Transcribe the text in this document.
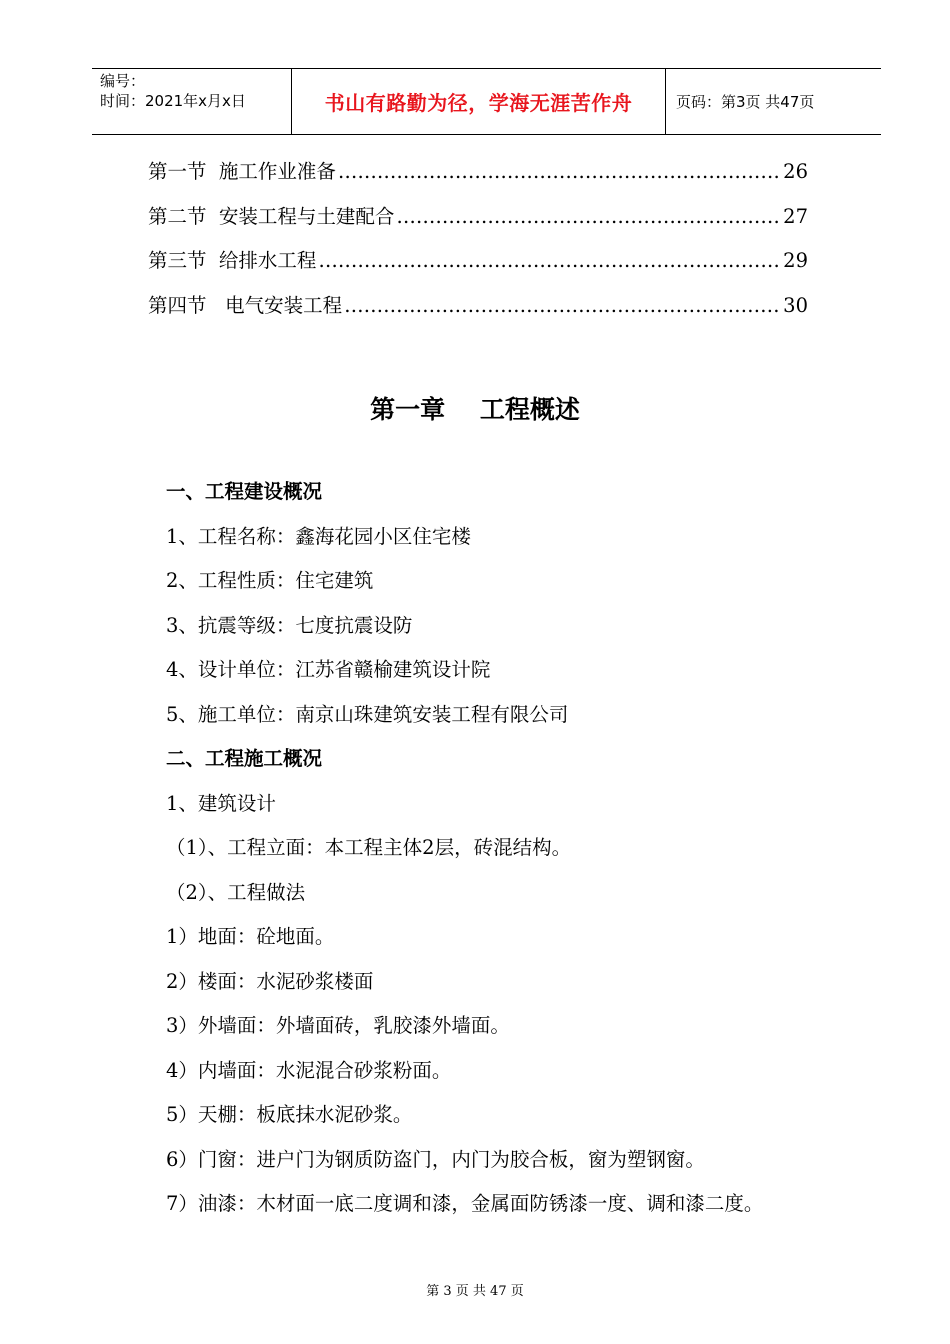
编号：
时间：2021年x月x日	书山有路勤为径，学海无涯苦作舟	页码：第3页 共47页
第一节  施工作业准备 ……………………………………………………………………………………………………………………………………………	26
第二节  安装工程与土建配合 ……………………………………………………………………………………………………………………………………………	27
第三节  给排水工程 ……………………………………………………………………………………………………………………………………………	29
第四节   电气安装工程 ……………………………………………………………………………………………………………………………………………	30
第一章    工程概述
一、工程建设概况
1、工程名称：鑫海花园小区住宅楼
2、工程性质：住宅建筑
3、抗震等级：七度抗震设防
4、设计单位：江苏省赣榆建筑设计院
5、施工单位：南京山珠建筑安装工程有限公司
二、工程施工概况
1、建筑设计
（1）、工程立面：本工程主体2层，砖混结构。
（2）、工程做法
1）地面：砼地面。
2）楼面：水泥砂浆楼面
3）外墙面：外墙面砖，乳胶漆外墙面。
4）内墙面：水泥混合砂浆粉面。
5）天棚：板底抹水泥砂浆。
6）门窗：进户门为钢质防盗门，内门为胶合板，窗为塑钢窗。
7）油漆：木材面一底二度调和漆，金属面防锈漆一度、调和漆二度。
第 3 页 共 47 页
